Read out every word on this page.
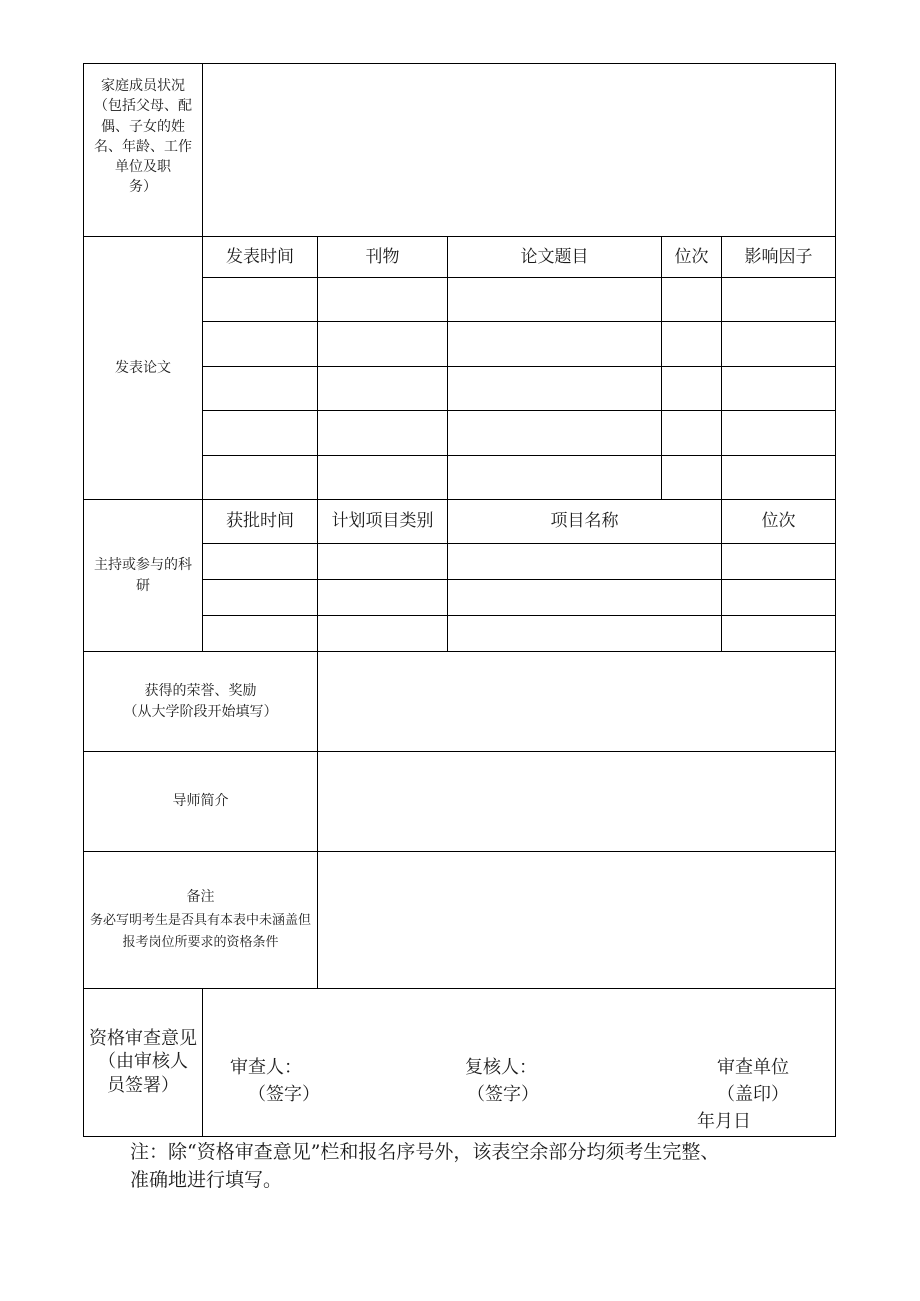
家庭成员状况
（包括父母、配
偶、子女的姓
名、年龄、工作
单位及职
务）
发表论文
发表时间	刊物	论文题目	位次	影响因子
主持或参与的科
研
获批时间	计划项目类别	项目名称	位次
获得的荣誉、奖励
（从大学阶段开始填写）
导师简介
备注
务必写明考生是否具有本表中未涵盖但
报考岗位所要求的资格条件
资格审查意见
（由审核人
员签署）
审查人：
（签字）
复核人：
（签字）
审查单位
（盖印）
年月日
注：除“资格审查意见”栏和报名序号外，该表空余部分均须考生完整、
准确地进行填写。
